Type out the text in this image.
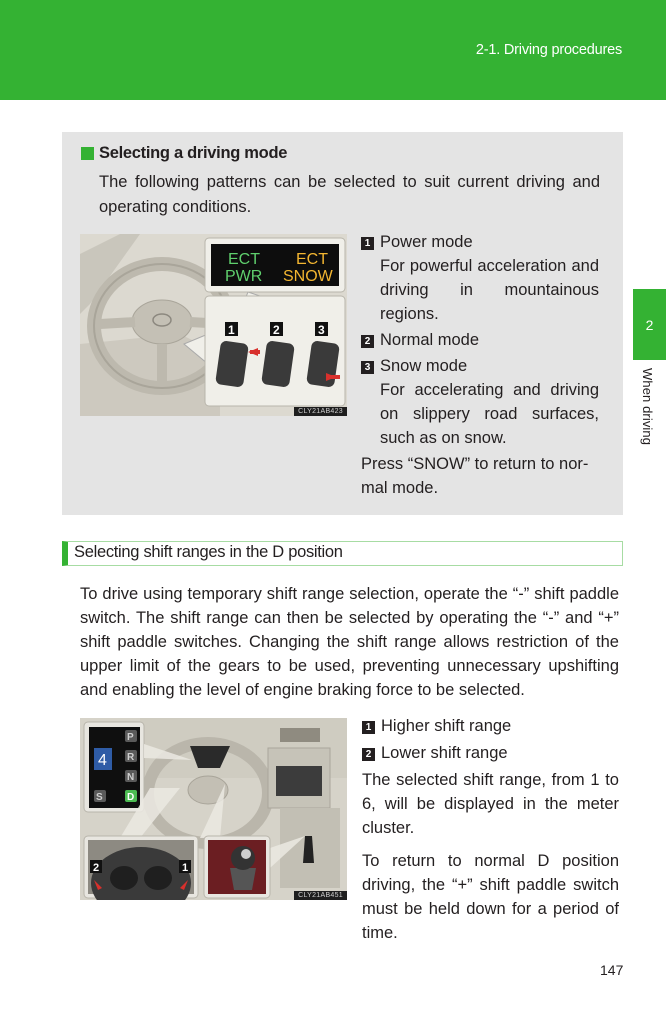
2-1. Driving procedures
2
When driving
Selecting a driving mode
The following patterns can be selected to suit current driving and operating conditions.
ECT
PWR
ECT
SNOW
1	2	3
CLY21AB423
1 Power mode
For powerful acceleration and driving in mountainous regions.
2 Normal mode
3 Snow mode
For accelerating and driving on slippery road surfaces, such as on snow.
Press “SNOW” to return to nor-mal mode.
Selecting shift ranges in the D position
To drive using temporary shift range selection, operate the “-” shift paddle switch. The shift range can then be selected by operating the “-” and “+” shift paddle switches. Changing the shift range allows restriction of the upper limit of the gears to be used, preventing unnecessary upshifting and enabling the level of engine braking force to be selected.
4
P
R
N
S D
2	1
CLY21AB451
1 Higher shift range
2 Lower shift range
The selected shift range, from 1 to 6, will be displayed in the meter cluster.
To return to normal D position driving, the “+” shift paddle switch must be held down for a period of time.
147
